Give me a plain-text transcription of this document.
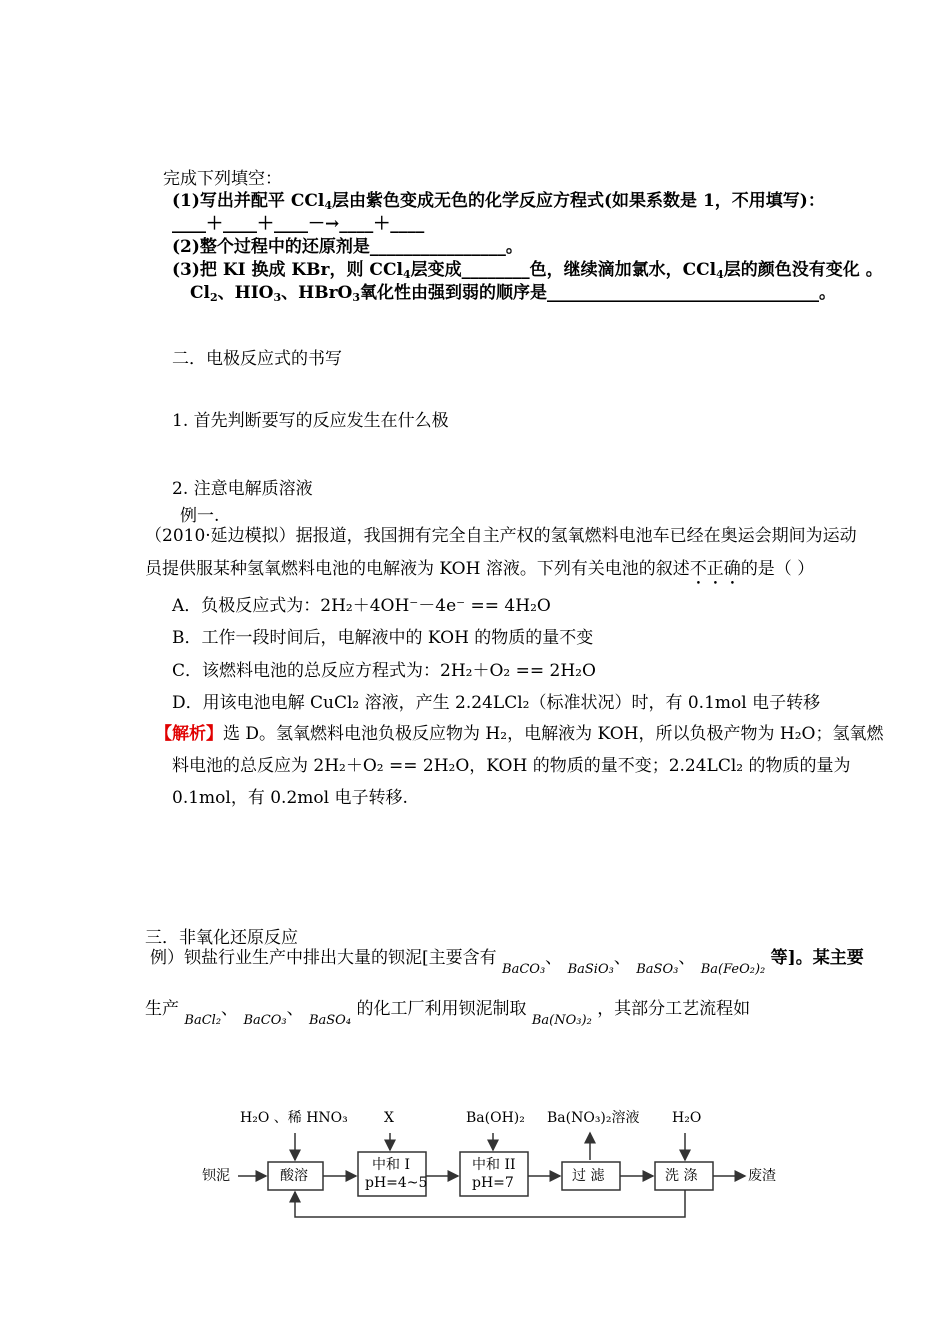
完成下列填空：
(1)写出并配平 CCl$_4$层由紫色变成无色的化学反应方程式(如果系数是 1，不用填写)：
____＋____＋____－→____＋____
(2)整个过程中的还原剂是________________。
(3)把 KI 换成 KBr，则 CCl$_4$层变成________色，继续滴加氯水，CCl$_4$层的颜色没有变化 。
$Cl_2$、$HIO_3$、HBrO$_3$氧化性由强到弱的顺序是________________________________。
二．电极反应式的书写
1. 首先判断要写的反应发生在什么极
2. 注意电解质溶液
例一.
（2010·延边模拟）据报道，我国拥有完全自主产权的氢氧燃料电池车已经在奥运会期间为运动
员提供服某种氢氧燃料电池的电解液为 KOH 溶液。下列有关电池的叙述不正确的是（ ）
A．负极反应式为：2H₂＋4OH⁻－4e⁻ == 4H₂O
B．工作一段时间后，电解液中的 KOH 的物质的量不变
C．该燃料电池的总反应方程式为：2H₂＋O₂ == 2H₂O
D．用该电池电解 CuCl₂ 溶液，产生 2.24LCl₂（标准状况）时，有 0.1mol 电子转移
【解析】选 D。氢氧燃料电池负极反应物为 H₂，电解液为 KOH，所以负极产物为 H₂O；氢氧燃
料电池的总反应为 2H₂＋O₂ == 2H₂O，KOH 的物质的量不变；2.24LCl₂ 的物质的量为
0.1mol，有 0.2mol 电子转移.
三．非氧化还原反应
例）钡盐行业生产中排出大量的钡泥[主要含有 $_{BaCO_3}$、 $_{BaSiO_3}$、 $_{BaSO_3}$、 $_{Ba(FeO_2)_2}$ 等]。某主要
生产 $_{BaCl_2}$、 $_{BaCO_3}$、 $_{BaSO_4}$ 的化工厂利用钡泥制取 $_{Ba(NO_3)_2}$ ，其部分工艺流程如
H₂O 、稀 HNO₃	X	Ba(OH)₂ Ba(NO₃)₂溶液 H₂O
钡泥	酸溶
中和 I
pH=4~5
中和 II
pH=7	过 滤	洗 涤	废渣
